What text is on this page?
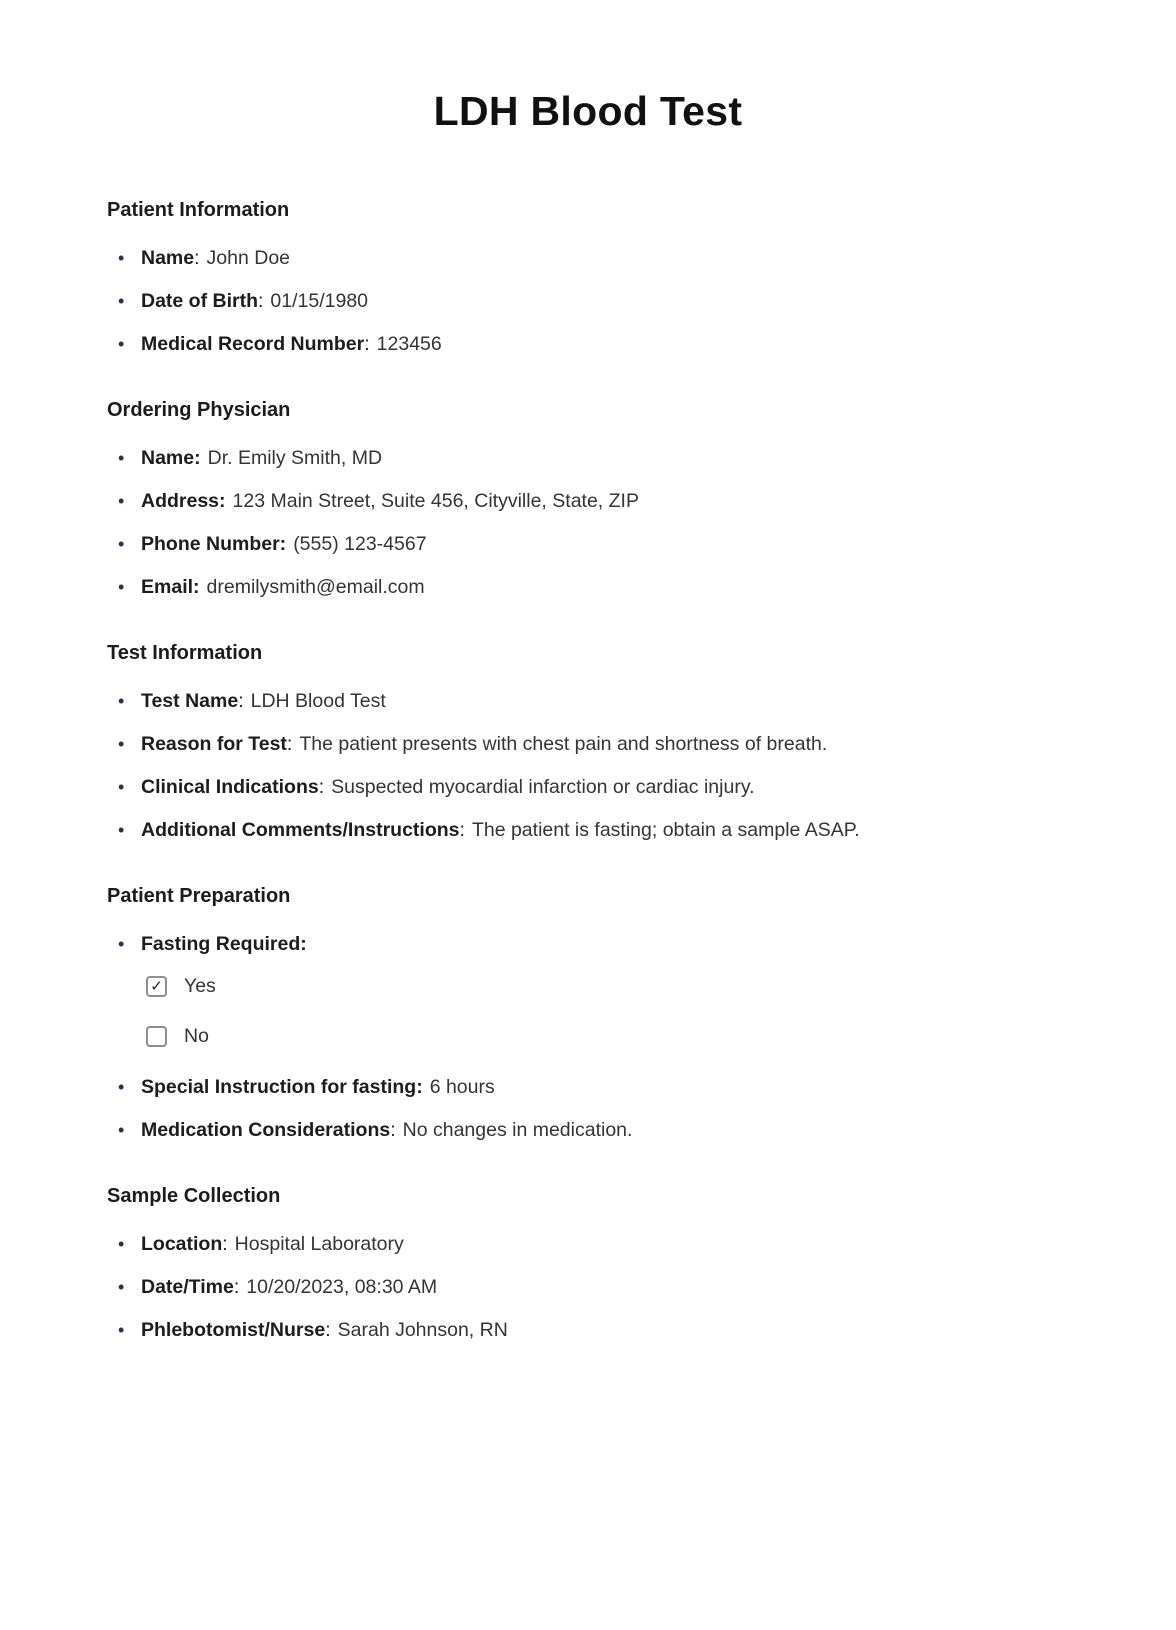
LDH Blood Test
Patient Information
• Name: John Doe
• Date of Birth: 01/15/1980
• Medical Record Number: 123456
Ordering Physician
• Name: Dr. Emily Smith, MD
• Address: 123 Main Street, Suite 456, Cityville, State, ZIP
• Phone Number: (555) 123-4567
• Email: dremilysmith@email.com
Test Information
• Test Name: LDH Blood Test
• Reason for Test: The patient presents with chest pain and shortness of breath.
• Clinical Indications: Suspected myocardial infarction or cardiac injury.
• Additional Comments/Instructions: The patient is fasting; obtain a sample ASAP.
Patient Preparation
• Fasting Required:
✓ Yes
No
• Special Instruction for fasting: 6 hours
• Medication Considerations: No changes in medication.
Sample Collection
• Location: Hospital Laboratory
• Date/Time: 10/20/2023, 08:30 AM
• Phlebotomist/Nurse: Sarah Johnson, RN
